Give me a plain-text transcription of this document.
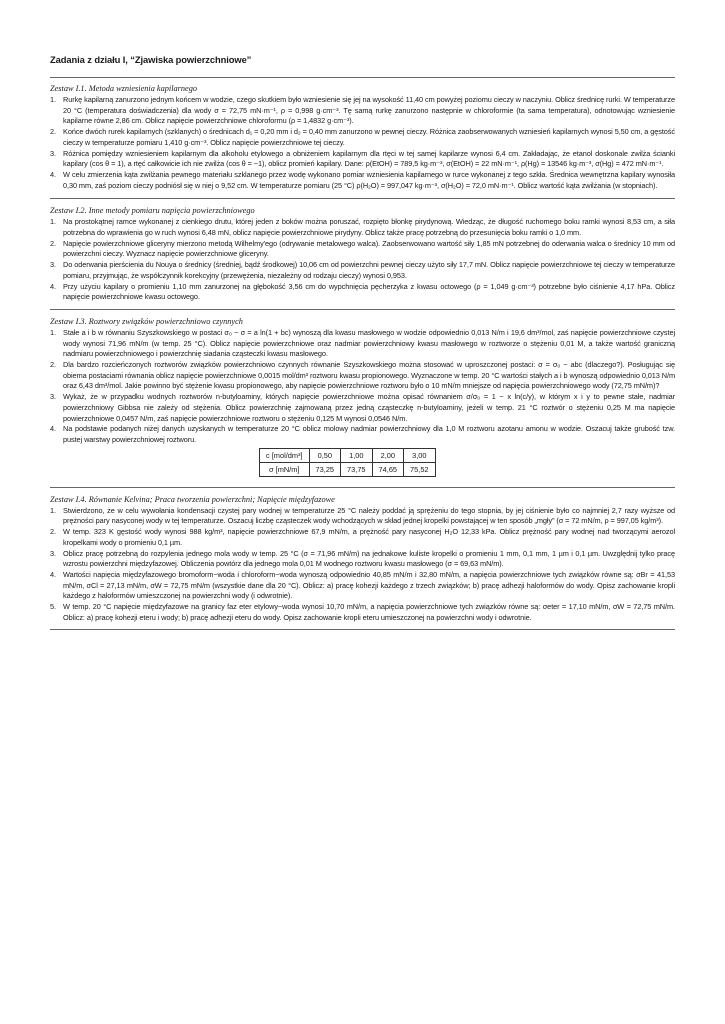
Zadania z działu I, “Zjawiska powierzchniowe”
Zestaw I.1. Metoda wzniesienia kapilarnego
1. Rurkę kapilarną zanurzono jednym końcem w wodzie, czego skutkiem było wzniesienie się jej na wysokość 11,40 cm powyżej poziomu cieczy w naczyniu. Oblicz średnicę rurki. W temperaturze 20 °C (temperatura doświadczenia) dla wody σ = 72,75 mN·m⁻¹, ρ = 0,998 g·cm⁻³. Tę samą rurkę zanurzono następnie w chloroformie (ta sama temperatura), odnotowując wzniesienie kapilarne równe 2,86 cm. Oblicz napięcie powierzchniowe chloroformu (ρ = 1,4832 g·cm⁻³).
2. Końce dwóch rurek kapilarnych (szklanych) o średnicach d₁ = 0,20 mm i d₂ = 0,40 mm zanurzono w pewnej cieczy. Różnica zaobserwowanych wzniesień kapilarnych wynosi 5,50 cm, a gęstość cieczy w temperaturze pomiaru 1,410 g·cm⁻³. Oblicz napięcie powierzchniowe tej cieczy.
3. Różnica pomiędzy wzniesieniem kapilarnym dla alkoholu etylowego a obniżeniem kapilarnym dla rtęci w tej samej kapilarze wynosi 6,4 cm. Zakładając, że etanol doskonale zwilża ścianki kapilary (cos θ = 1), a rtęć całkowicie ich nie zwilża (cos θ = −1), oblicz promień kapilary. Dane: ρ(EtOH) = 789,5 kg·m⁻³, σ(EtOH) = 22 mN·m⁻¹, ρ(Hg) = 13546 kg·m⁻³, σ(Hg) = 472 mN·m⁻¹.
4. W celu zmierzenia kąta zwilżania pewnego materiału szklanego przez wodę wykonano pomiar wzniesienia kapilarnego w rurce wykonanej z tego szkła. Średnica wewnętrzna kapilary wynosiła 0,30 mm, zaś poziom cieczy podniósł się w niej o 9,52 cm. W temperaturze pomiaru (25 °C) ρ(H₂O) = 997,047 kg·m⁻³, σ(H₂O) = 72,0 mN·m⁻¹. Oblicz wartość kąta zwilżania (w stopniach).
Zestaw I.2. Inne metody pomiaru napięcia powierzchniowego
1. Na prostokątnej ramce wykonanej z cienkiego drutu, której jeden z boków można poruszać, rozpięto błonkę pirydynową. Wiedząc, że długość ruchomego boku ramki wynosi 8,53 cm, a siła potrzebna do wprawienia go w ruch wynosi 6,48 mN, oblicz napięcie powierzchniowe pirydyny. Oblicz także pracę potrzebną do przesunięcia boku ramki o 1,0 mm.
2. Napięcie powierzchniowe gliceryny mierzono metodą Wilhelmy'ego (odrywanie metalowego walca). Zaobserwowano wartość siły 1,85 mN potrzebnej do oderwania walca o średnicy 10 mm od powierzchni cieczy. Wyznacz napięcie powierzchniowe gliceryny.
3. Do oderwania pierścienia du Nouya o średnicy (średniej, bądź środkowej) 10,06 cm od powierzchni pewnej cieczy użyto siły 17,7 mN. Oblicz napięcie powierzchniowe tej cieczy w temperaturze pomiaru, przyjmując, że współczynnik korekcyjny (przewężenia, niezależny od rodzaju cieczy) wynosi 0,953.
4. Przy użyciu kapilary o promieniu 1,10 mm zanurzonej na głębokość 3,56 cm do wypchnięcia pęcherzyka z kwasu octowego (ρ = 1,049 g·cm⁻³) potrzebne było ciśnienie 4,17 hPa. Oblicz napięcie powierzchniowe kwasu octowego.
Zestaw I.3. Roztwory związków powierzchniowo czynnych
1. Stałe a i b w równaniu Szyszkowskiego w postaci σ₀ − σ = a ln(1 + bc) wynoszą dla kwasu masłowego w wodzie odpowiednio 0,013 N/m i 19,6 dm³/mol, zaś napięcie powierzchniowe czystej wody wynosi 71,96 mN/m (w temp. 25 °C). Oblicz napięcie powierzchniowe oraz nadmiar powierzchniowy kwasu masłowego w roztworze o stężeniu 0,01 M, a także wartość graniczną nadmiaru powierzchniowego i powierzchnię siadania cząsteczki kwasu masłowego.
2. Dla bardzo rozcieńczonych roztworów związków powierzchniowo czynnych równanie Szyszkowskiego można stosować w uproszczonej postaci: σ = σ₀ − abc (dlaczego?). Posługując się obiema postaciami równania oblicz napięcie powierzchniowe 0,0015 mol/dm³ roztworu kwasu propionowego. Wyznaczone w temp. 20 °C wartości stałych a i b wynoszą odpowiednio 0,013 N/m oraz 6,43 dm³/mol. Jakie powinno być stężenie kwasu propionowego, aby napięcie powierzchniowe roztworu było o 10 mN/m mniejsze od napięcia powierzchniowego wody (72,75 mN/m)?
3. Wykaż, że w przypadku wodnych roztworów n-butyloaminy, których napięcie powierzchniowe można opisać równaniem σ/σ₀ = 1 − x ln(c/y), w którym x i y to pewne stałe, nadmiar powierzchniowy Gibbsa nie zależy od stężenia. Oblicz powierzchnię zajmowaną przez jedną cząsteczkę n-butyloaminy, jeżeli w temp. 21 °C roztwór o stężeniu 0,25 M ma napięcie powierzchniowe 0,0457 N/m, zaś napięcie powierzchniowe roztworu o stężeniu 0,125 M wynosi 0,0546 N/m.
4. Na podstawie podanych niżej danych uzyskanych w temperaturze 20 °C oblicz molowy nadmiar powierzchniowy dla 1,0 M roztworu azotanu amonu w wodzie. Oszacuj także grubość tzw. pustej warstwy powierzchniowej roztworu.
c [mol/dm³]	0,50	1,00	2,00	3,00
σ [mN/m]	73,25	73,75	74,65	75,52
Zestaw I.4. Równanie Kelvina; Praca tworzenia powierzchni; Napięcie międzyfazowe
1. Stwierdzono, że w celu wywołania kondensacji czystej pary wodnej w temperaturze 25 °C należy poddać ją sprężeniu do tego stopnia, by jej ciśnienie było co najmniej 2,7 razy wyższe od prężności pary nasyconej wody w tej temperaturze. Oszacuj liczbę cząsteczek wody wchodzących w skład jednej kropelki powstającej w ten sposób „mgły” (σ = 72 mN/m, ρ = 997,05 kg/m³).
2. W temp. 323 K gęstość wody wynosi 988 kg/m³, napięcie powierzchniowe 67,9 mN/m, a prężność pary nasyconej H₂O 12,33 kPa. Oblicz prężność pary wodnej nad tworzącymi aerozol kropelkami wody o promieniu 0,1 µm.
3. Oblicz pracę potrzebną do rozpylenia jednego mola wody w temp. 25 °C (σ = 71,96 mN/m) na jednakowe kuliste kropelki o promieniu 1 mm, 0,1 mm, 1 µm i 0,1 µm. Uwzględnij tylko pracę wzrostu powierzchni międzyfazowej. Obliczenia powtórz dla jednego mola 0,01 M wodnego roztworu kwasu masłowego (σ = 69,63 mN/m).
4. Wartości napięcia międzyfazowego bromoform−woda i chloroform−woda wynoszą odpowiednio 40,85 mN/m i 32,80 mN/m, a napięcia powierzchniowe tych związków równe są: σBr = 41,53 mN/m, σCl = 27,13 mN/m, σW = 72,75 mN/m (wszystkie dane dla 20 °C). Oblicz: a) pracę kohezji każdego z trzech związków; b) pracę adhezji haloformów do wody. Opisz zachowanie kropli każdego z haloformów umieszczonej na powierzchni wody (i odwrotnie).
5. W temp. 20 °C napięcie międzyfazowe na granicy faz eter etylowy−woda wynosi 10,70 mN/m, a napięcia powierzchniowe tych związków równe są: σeter = 17,10 mN/m, σW = 72,75 mN/m. Oblicz: a) pracę kohezji eteru i wody; b) pracę adhezji eteru do wody. Opisz zachowanie kropli eteru umieszczonej na powierzchni wody i odwrotnie.
